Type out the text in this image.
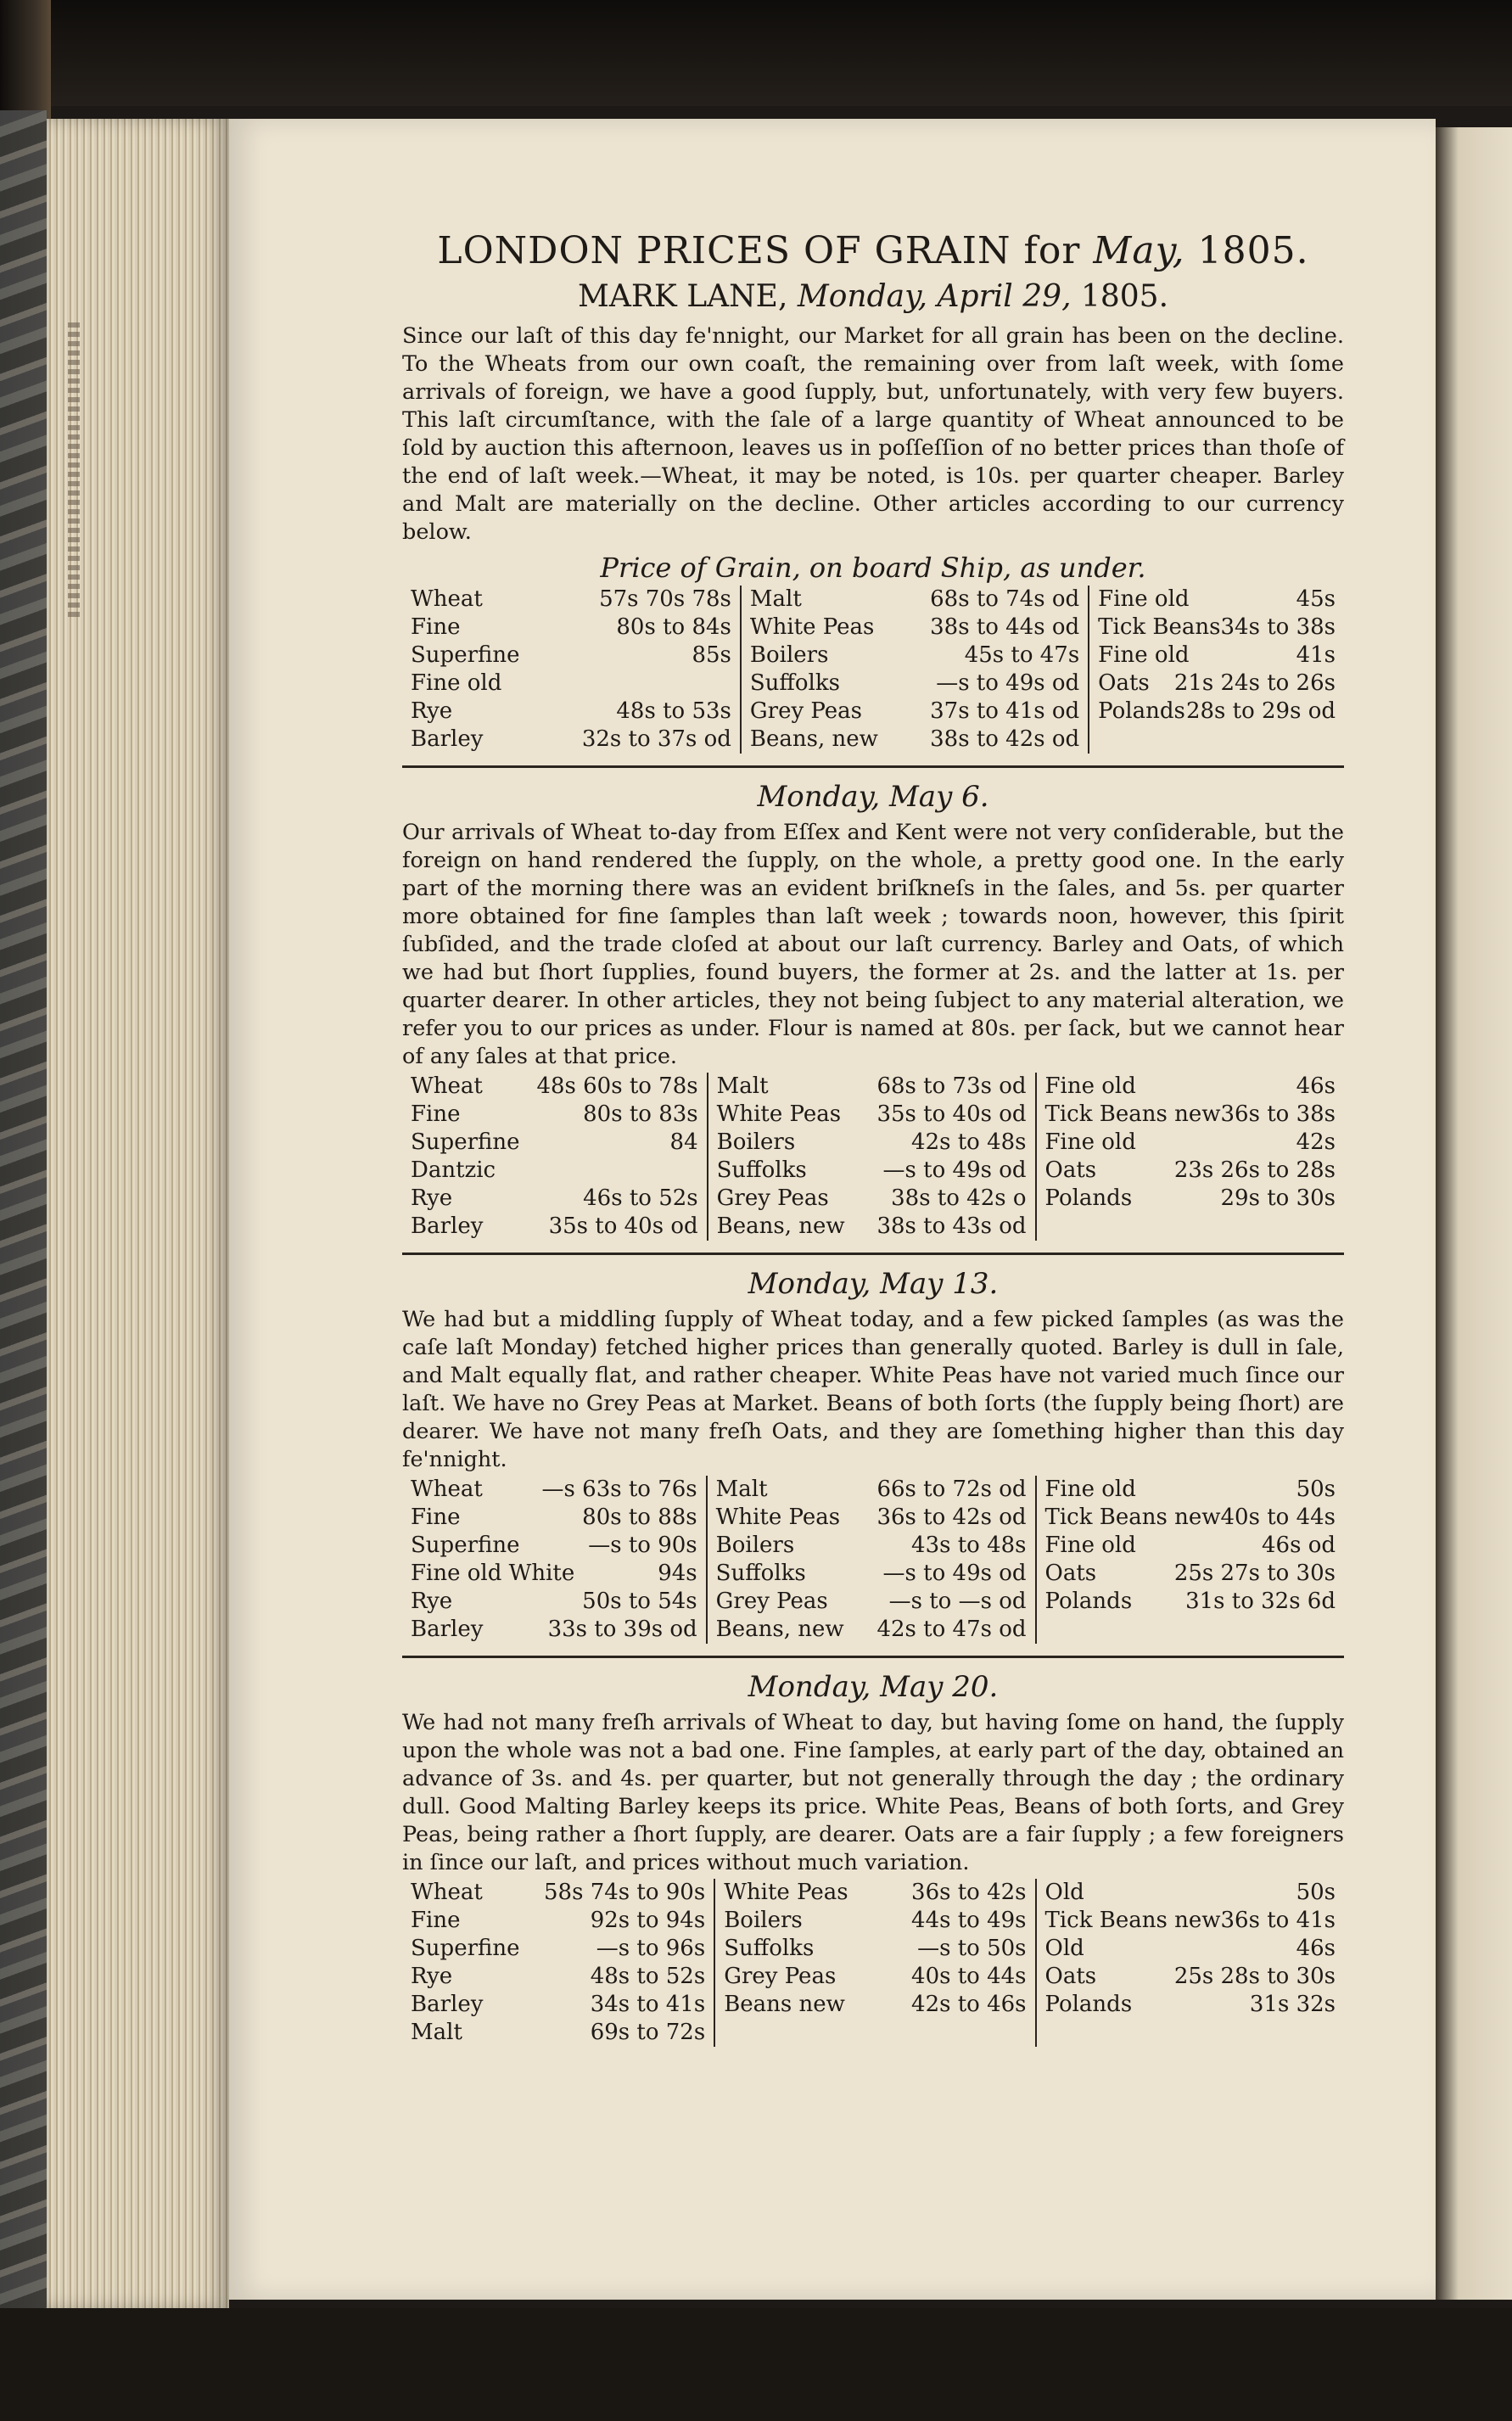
LONDON PRICES OF GRAIN for May, 1805.
MARK LANE, Monday, April 29, 1805.

Since our laſt of this day fe'nnight, our Market for all grain has been on the decline. To the Wheats from our own coaſt, the remaining over from laſt week, with ſome arrivals of foreign, we have a good ſupply, but, unfortunately, with very few buyers. This laſt circumſtance, with the ſale of a large quantity of Wheat announced to be ſold by auction this afternoon, leaves us in poſſeſſion of no better prices than thoſe of the end of laſt week.—Wheat, it may be noted, is 10s. per quarter cheaper. Barley and Malt are materially on the decline. Other articles according to our currency below.

Price of Grain, on board Ship, as under.
Wheat	57s 70s 78s
Fine	80s to 84s
Superfine	85s
Fine old
Rye	48s to 53s
Barley	32s to 37s od

Malt	68s to 74s od
White Peas	38s to 44s od
Boilers	45s to 47s
Suffolks	—s to 49s od
Grey Peas	37s to 41s od
Beans, new 38s to 42s od

Fine old	45s
Tick Beans 34s to 38s
Fine old	41s
Oats 21s 24s to 26s
Polands 28s to 29s od
Monday, May 6.

Our arrivals of Wheat to-day from Eſſex and Kent were not very conſiderable, but the foreign on hand rendered the ſupply, on the whole, a pretty good one. In the early part of the morning there was an evident briſkneſs in the ſales, and 5s. per quarter more obtained for fine ſamples than laſt week ; towards noon, however, this ſpirit ſubſided, and the trade cloſed at about our laſt currency. Barley and Oats, of which we had but ſhort ſupplies, found buyers, the former at 2s. and the latter at 1s. per quarter dearer. In other articles, they not being ſubject to any material alteration, we refer you to our prices as under. Flour is named at 80s. per ſack, but we cannot hear of any ſales at that price.

Wheat 48s 60s to 78s
Fine	80s to 83s
Superfine	84
Dantzic
Rye	46s to 52s
Barley	35s to 40s od

Malt	68s to 73s od
White Peas 35s to 40s od
Boilers	42s to 48s
Suffolks	—s to 49s od
Grey Peas	38s to 42s o
Beans, new 38s to 43s od

Fine old	46s
Tick Beans new 36s to 38s
Fine old	42s
Oats	23s 26s to 28s
Polands	29s to 30s
Monday, May 13.

We had but a middling ſupply of Wheat today, and a few picked ſamples (as was the caſe laſt Monday) fetched higher prices than generally quoted. Barley is dull in ſale, and Malt equally flat, and rather cheaper. White Peas have not varied much ſince our laſt. We have no Grey Peas at Market. Beans of both ſorts (the ſupply being ſhort) are dearer. We have not many freſh Oats, and they are ſomething higher than this day fe'nnight.

Wheat	—s 63s to 76s
Fine	80s to 88s
Superfine	—s to 90s
Fine old White	94s
Rye	50s to 54s
Barley	33s to 39s od

Malt	66s to 72s od
White Peas 36s to 42s od
Boilers	43s to 48s
Suffolks	—s to 49s od
Grey Peas	—s to —s od
Beans, new 42s to 47s od

Fine old	50s
Tick Beans new 40s to 44s
Fine old	46s od
Oats	25s 27s to 30s
Polands 31s to 32s 6d
Monday, May 20.

We had not many freſh arrivals of Wheat to day, but having ſome on hand, the ſupply upon the whole was not a bad one. Fine ſamples, at early part of the day, obtained an advance of 3s. and 4s. per quarter, but not generally through the day ; the ordinary dull. Good Malting Barley keeps its price. White Peas, Beans of both ſorts, and Grey Peas, being rather a ſhort ſupply, are dearer. Oats are a fair ſupply ; a few foreigners in ſince our laſt, and prices without much variation.

Wheat	58s 74s to 90s
Fine	92s to 94s
Superfine	—s to 96s
Rye	48s to 52s
Barley	34s to 41s
Malt	69s to 72s

White Peas	36s to 42s
Boilers	44s to 49s
Suffolks	—s to 50s
Grey Peas	40s to 44s
Beans new	42s to 46s

Old	50s
Tick Beans new 36s to 41s
Old	46s
Oats	25s 28s to 30s
Polands	31s 32s
